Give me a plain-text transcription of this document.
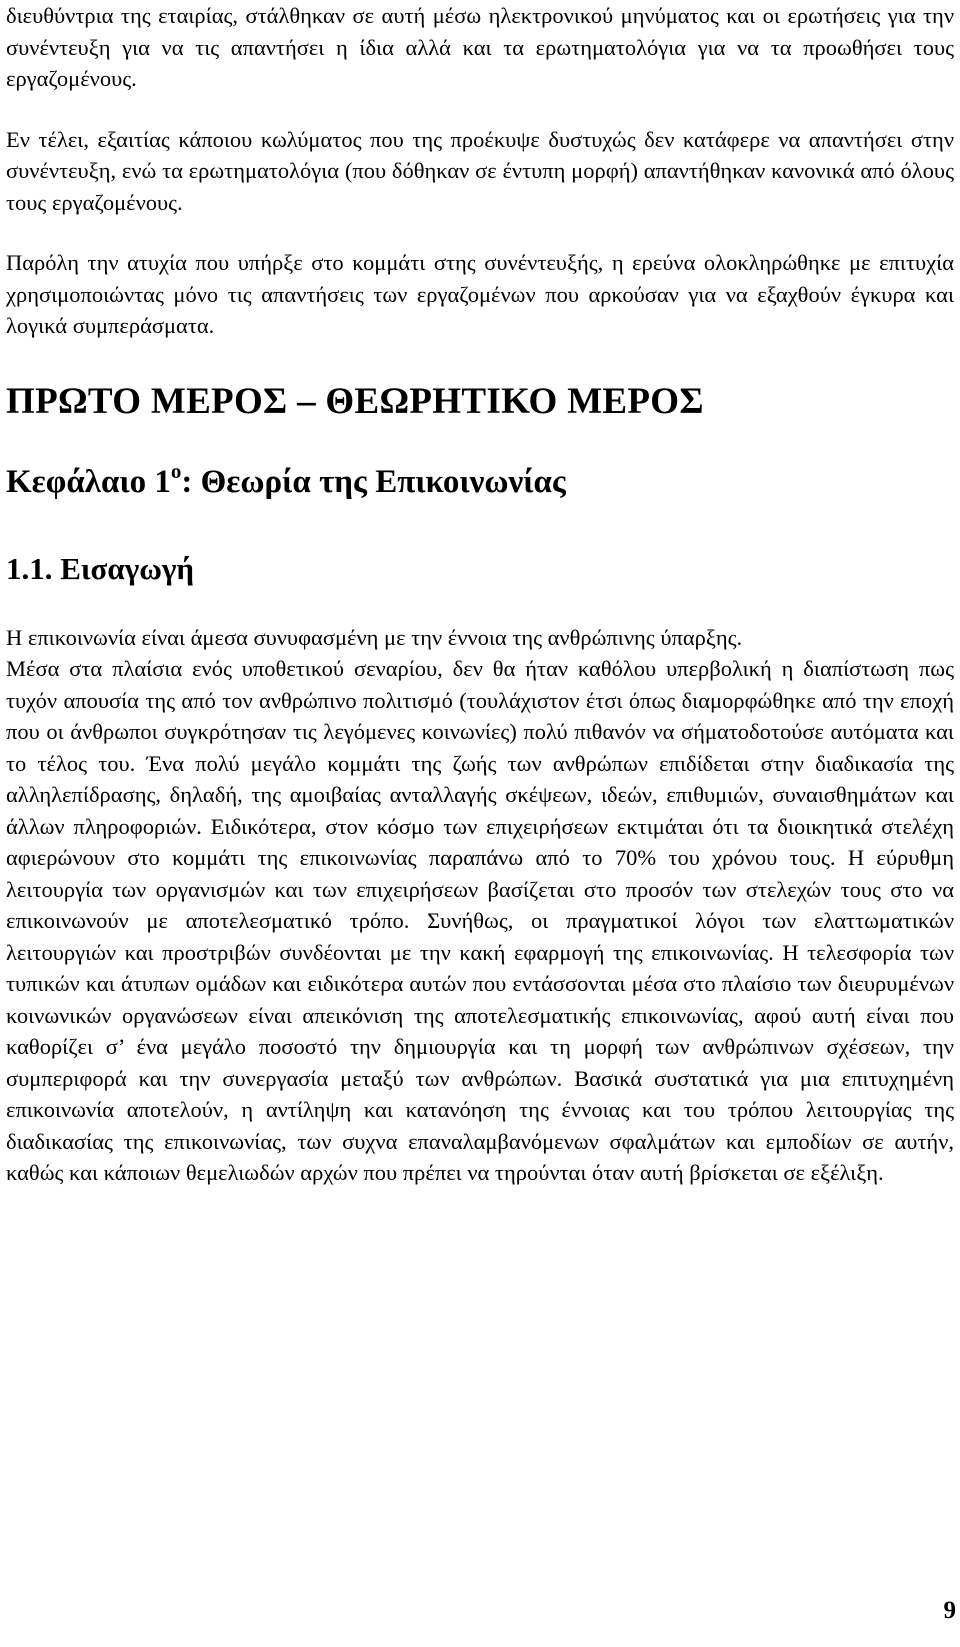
διευθύντρια της εταιρίας, στάλθηκαν σε αυτή μέσω ηλεκτρονικού μηνύματος και οι ερωτήσεις για την συνέντευξη για να τις απαντήσει η ίδια αλλά και τα ερωτηματολόγια για να τα προωθήσει τους εργαζομένους.

Εν τέλει, εξαιτίας κάποιου κωλύματος που της προέκυψε δυστυχώς δεν κατάφερε να απαντήσει στην συνέντευξη, ενώ τα ερωτηματολόγια (που δόθηκαν σε έντυπη μορφή) απαντήθηκαν κανονικά από όλους τους εργαζομένους.

Παρόλη την ατυχία που υπήρξε στο κομμάτι στης συνέντευξής, η ερεύνα ολοκληρώθηκε με επιτυχία χρησιμοποιώντας μόνο τις απαντήσεις των εργαζομένων που αρκούσαν για να εξαχθούν έγκυρα και λογικά συμπεράσματα.

ΠΡΩΤΟ ΜΕΡΟΣ – ΘΕΩΡΗΤΙΚΟ ΜΕΡΟΣ
Κεφάλαιο $1^o$: Θεωρία της Επικοινωνίας
1.1. Εισαγωγή

Η επικοινωνία είναι άμεσα συνυφασμένη με την έννοια της ανθρώπινης ύπαρξης.

Μέσα στα πλαίσια ενός υποθετικού σεναρίου, δεν θα ήταν καθόλου υπερβολική η διαπίστωση πως τυχόν απουσία της από τον ανθρώπινο πολιτισμό (τουλάχιστον έτσι όπως διαμορφώθηκε από την εποχή που οι άνθρωποι συγκρότησαν τις λεγόμενες κοινωνίες) πολύ πιθανόν να σήματοδοτούσε αυτόματα και το τέλος του. Ένα πολύ μεγάλο κομμάτι της ζωής των ανθρώπων επιδίδεται στην διαδικασία της αλληλεπίδρασης, δηλαδή, της αμοιβαίας ανταλλαγής σκέψεων, ιδεών, επιθυμιών, συναισθημάτων και άλλων πληροφοριών. Ειδικότερα, στον κόσμο των επιχειρήσεων εκτιμάται ότι τα διοικητικά στελέχη αφιερώνουν στο κομμάτι της επικοινωνίας παραπάνω από το 70% του χρόνου τους. Η εύρυθμη λειτουργία των οργανισμών και των επιχειρήσεων βασίζεται στο προσόν των στελεχών τους στο να επικοινωνούν με αποτελεσματικό τρόπο. Συνήθως, οι πραγματικοί λόγοι των ελαττωματικών λειτουργιών και προστριβών συνδέονται με την κακή εφαρμογή της επικοινωνίας. Η τελεσφορία των τυπικών και άτυπων ομάδων και ειδικότερα αυτών που εντάσσονται μέσα στο πλαίσιο των διευρυμένων κοινωνικών οργανώσεων είναι απεικόνιση της αποτελεσματικής επικοινωνίας, αφού αυτή είναι που καθορίζει σ’ ένα μεγάλο ποσοστό την δημιουργία και τη μορφή των ανθρώπινων σχέσεων, την συμπεριφορά και την συνεργασία μεταξύ των ανθρώπων. Βασικά συστατικά για μια επιτυχημένη επικοινωνία αποτελούν, η αντίληψη και κατανόηση της έννοιας και του τρόπου λειτουργίας της διαδικασίας της επικοινωνίας, των συχνα επαναλαμβανόμενων σφαλμάτων και εμποδίων σε αυτήν, καθώς και κάποιων θεμελιωδών αρχών που πρέπει να τηρούνται όταν αυτή βρίσκεται σε εξέλιξη.

9
